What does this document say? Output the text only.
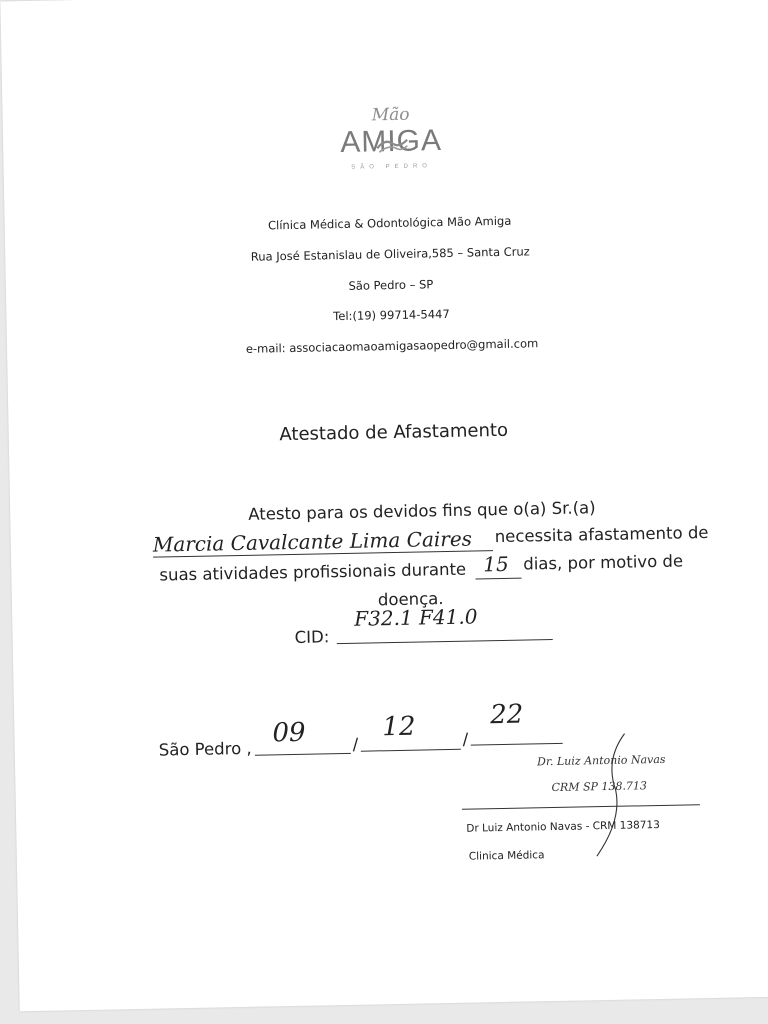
Mão
AMIGA
SÃO PEDRO
Clínica Médica & Odontológica Mão Amiga
Rua José Estanislau de Oliveira,585 – Santa Cruz
São Pedro – SP
Tel:(19) 99714-5447
e-mail: associacaomaoamigasaopedro@gmail.com
Atestado de Afastamento
Atesto para os devidos fins que o(a) Sr.(a)
Marcia Cavalcante Lima Caires necessita afastamento de
suas atividades profissionais durante 15 dias, por motivo de
doença.
CID:
F32.1 F41.0
São Pedro ,
09	/
12	/
22
Dr. Luiz Antonio Navas
CRM SP 138.713
Dr Luiz Antonio Navas - CRM 138713
Clinica Médica
